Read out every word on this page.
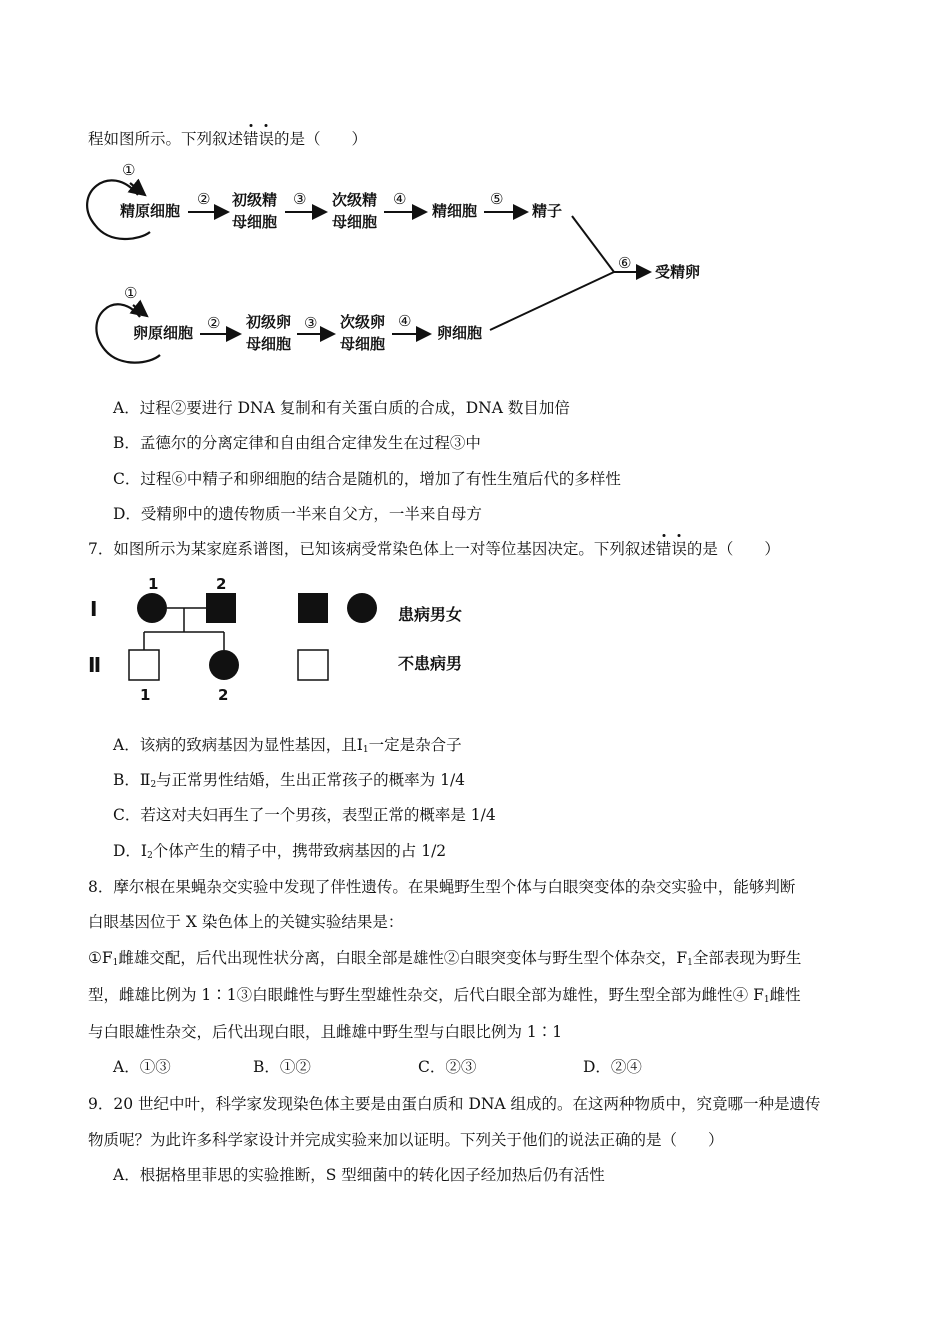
程如图所示。下列叙述错误的是（　　）
①
精原细胞
② 初级精
母细胞
③ 次级精
母细胞
④
精细胞
⑤
精子
⑥ 受精卵
①
卵原细胞
② 初级卵
母细胞
③ 次级卵
母细胞
④
卵细胞
Ⅰ
Ⅱ
1	2
1	2
患病男女
不患病男
A．过程②要进行 DNA 复制和有关蛋白质的合成，DNA 数目加倍
B．孟德尔的分离定律和自由组合定律发生在过程③中
C．过程⑥中精子和卵细胞的结合是随机的，增加了有性生殖后代的多样性
D．受精卵中的遗传物质一半来自父方，一半来自母方
7．如图所示为某家庭系谱图，已知该病受常染色体上一对等位基因决定。下列叙述错误的是（　　）
A．该病的致病基因为显性基因，且$Ⅰ_1$一定是杂合子
B．$Ⅱ_2$与正常男性结婚，生出正常孩子的概率为 1/4
C．若这对夫妇再生了一个男孩，表型正常的概率是 1/4
D．$Ⅰ_2$个体产生的精子中，携带致病基因的占 1/2
8．摩尔根在果蝇杂交实验中发现了伴性遗传。在果蝇野生型个体与白眼突变体的杂交实验中，能够判断
白眼基因位于 X 染色体上的关键实验结果是：
$①F_1$雌雄交配，后代出现性状分离，白眼全部是雄性②白眼突变体与野生型个体杂交，$F_1$全部表现为野生
型，雌雄比例为 1∶1③白眼雌性与野生型雄性杂交，后代白眼全部为雄性，野生型全部为雌性④ $F_1$雌性
与白眼雄性杂交，后代出现白眼，且雌雄中野生型与白眼比例为 1∶1
A．①③	B．①②	C．②③	D．②④
9．20 世纪中叶，科学家发现染色体主要是由蛋白质和 DNA 组成的。在这两种物质中，究竟哪一种是遗传
物质呢？为此许多科学家设计并完成实验来加以证明。下列关于他们的说法正确的是（　　）
A．根据格里菲思的实验推断，S 型细菌中的转化因子经加热后仍有活性
